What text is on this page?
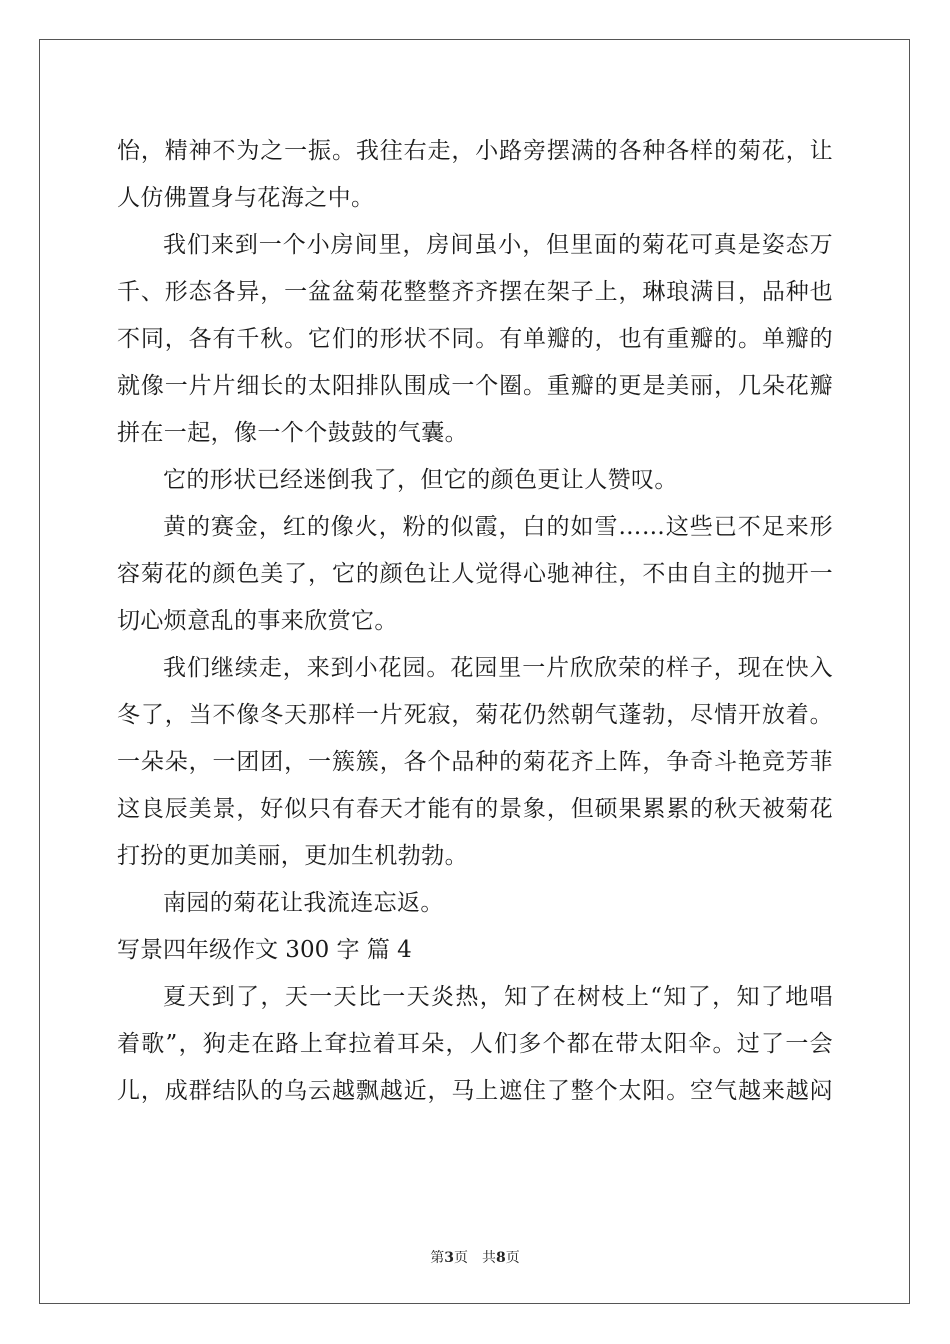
怡，精神不为之一振。我往右走，小路旁摆满的各种各样的菊花，让
人仿佛置身与花海之中。
我们来到一个小房间里，房间虽小，但里面的菊花可真是姿态万
千、形态各异，一盆盆菊花整整齐齐摆在架子上，琳琅满目，品种也
不同，各有千秋。它们的形状不同。有单瓣的，也有重瓣的。单瓣的
就像一片片细长的太阳排队围成一个圈。重瓣的更是美丽，几朵花瓣
拼在一起，像一个个鼓鼓的气囊。
它的形状已经迷倒我了，但它的颜色更让人赞叹。
黄的赛金，红的像火，粉的似霞，白的如雪……这些已不足来形
容菊花的颜色美了，它的颜色让人觉得心驰神往，不由自主的抛开一
切心烦意乱的事来欣赏它。
我们继续走，来到小花园。花园里一片欣欣荣的样子，现在快入
冬了，当不像冬天那样一片死寂，菊花仍然朝气蓬勃，尽情开放着。
一朵朵，一团团，一簇簇，各个品种的菊花齐上阵，争奇斗艳竞芳菲
这良辰美景，好似只有春天才能有的景象，但硕果累累的秋天被菊花
打扮的更加美丽，更加生机勃勃。
南园的菊花让我流连忘返。
写景四年级作文 300 字 篇 4
夏天到了，天一天比一天炎热，知了在树枝上“知了，知了地唱
着歌”，狗走在路上耷拉着耳朵，人们多个都在带太阳伞。过了一会
儿，成群结队的乌云越飘越近，马上遮住了整个太阳。空气越来越闷
第3页 共8页
